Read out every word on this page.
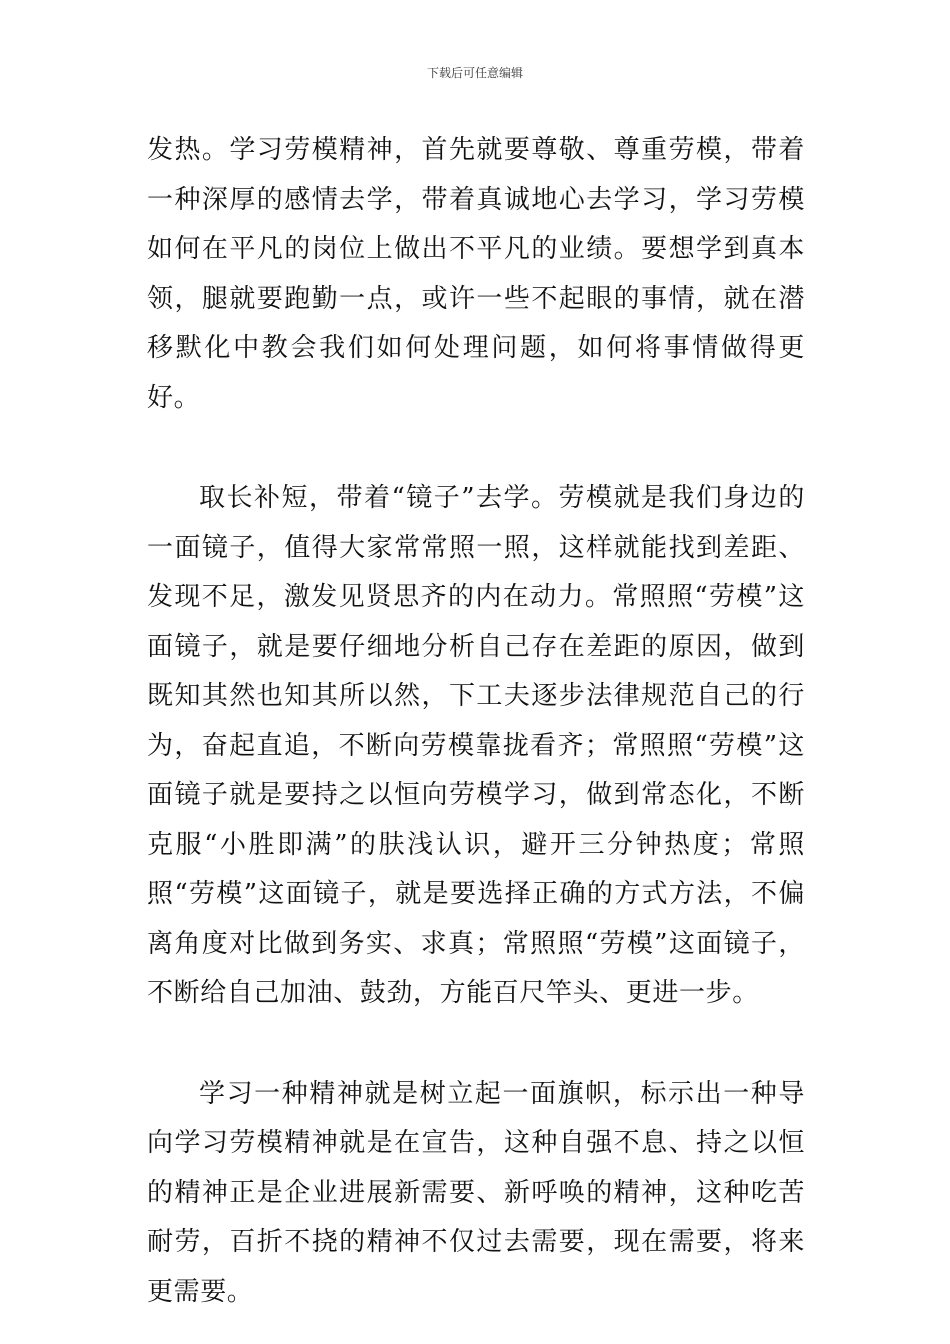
下载后可任意编辑

发热。学习劳模精神，首先就要尊敬、尊重劳模，带着一种深厚的感情去学，带着真诚地心去学习，学习劳模如何在平凡的岗位上做出不平凡的业绩。要想学到真本领，腿就要跑勤一点，或许一些不起眼的事情，就在潜移默化中教会我们如何处理问题，如何将事情做得更好。

取长补短，带着“镜子”去学。劳模就是我们身边的一面镜子，值得大家常常照一照，这样就能找到差距、发现不足，激发见贤思齐的内在动力。常照照“劳模”这面镜子，就是要仔细地分析自己存在差距的原因，做到既知其然也知其所以然，下工夫逐步法律规范自己的行为，奋起直追，不断向劳模靠拢看齐；常照照“劳模”这面镜子就是要持之以恒向劳模学习，做到常态化，不断克服“小胜即满”的肤浅认识，避开三分钟热度；常照照“劳模”这面镜子，就是要选择正确的方式方法，不偏离角度对比做到务实、求真；常照照“劳模”这面镜子，不断给自己加油、鼓劲，方能百尺竿头、更进一步。

学习一种精神就是树立起一面旗帜，标示出一种导向学习劳模精神就是在宣告，这种自强不息、持之以恒的精神正是企业进展新需要、新呼唤的精神，这种吃苦耐劳，百折不挠的精神不仅过去需要，现在需要，将来更需要。
